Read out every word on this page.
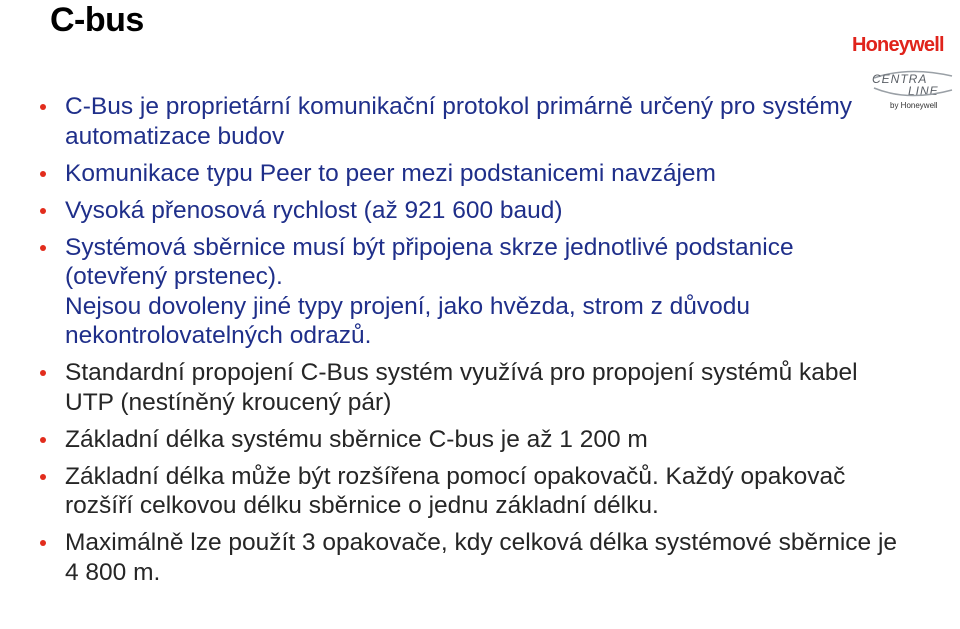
C-bus
Honeywell
CENTRA
LINE
by Honeywell
C-Bus je proprietární komunikační protokol primárně určený pro systémy automatizace budov
Komunikace typu Peer to peer mezi podstanicemi navzájem
Vysoká přenosová rychlost (až 921 600 baud)
Systémová sběrnice musí být připojena skrze jednotlivé podstanice (otevřený prstenec).
Nejsou dovoleny jiné typy projení, jako hvězda, strom z důvodu nekontrolovatelných odrazů.
Standardní propojení C-Bus systém využívá pro propojení systémů kabel UTP (nestíněný kroucený pár)
Základní délka systému sběrnice C-bus je až 1 200 m
Základní délka může být rozšířena pomocí opakovačů. Každý opakovač rozšíří celkovou délku sběrnice o jednu základní délku.
Maximálně lze použít 3 opakovače, kdy celková délka systémové sběrnice je 4 800 m.
